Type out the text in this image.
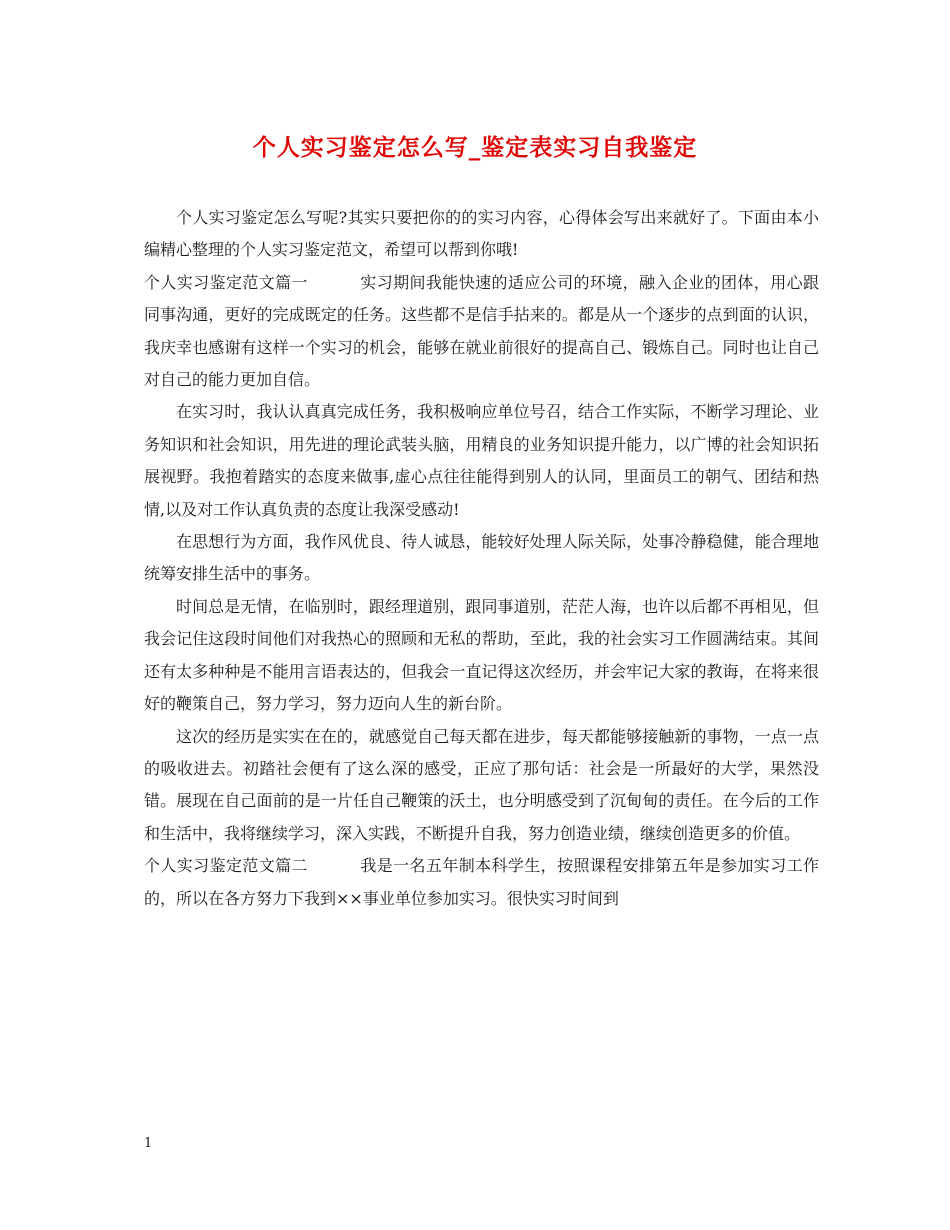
个人实习鉴定怎么写_鉴定表实习自我鉴定

个人实习鉴定怎么写呢?其实只要把你的的实习内容，心得体会写出来就好了。下面由本小编精心整理的个人实习鉴定范文，希望可以帮到你哦!

个人实习鉴定范文篇一	实习期间我能快速的适应公司的环境，融入企业的团体，用心跟同事沟通，更好的完成既定的任务。这些都不是信手拈来的。都是从一个逐步的点到面的认识，我庆幸也感谢有这样一个实习的机会，能够在就业前很好的提高自己、锻炼自己。同时也让自己对自己的能力更加自信。

在实习时，我认认真真完成任务，我积极响应单位号召，结合工作实际，不断学习理论、业务知识和社会知识，用先进的理论武装头脑，用精良的业务知识提升能力，以广博的社会知识拓展视野。我抱着踏实的态度来做事,虚心点往往能得到别人的认同，里面员工的朝气、团结和热情,以及对工作认真负责的态度让我深受感动!

在思想行为方面，我作风优良、待人诚恳，能较好处理人际关际，处事冷静稳健，能合理地统筹安排生活中的事务。

时间总是无情，在临别时，跟经理道别，跟同事道别，茫茫人海，也许以后都不再相见，但我会记住这段时间他们对我热心的照顾和无私的帮助，至此，我的社会实习工作圆满结束。其间还有太多种种是不能用言语表达的，但我会一直记得这次经历，并会牢记大家的教诲，在将来很好的鞭策自己，努力学习，努力迈向人生的新台阶。

这次的经历是实实在在的，就感觉自己每天都在进步，每天都能够接触新的事物，一点一点的吸收进去。初踏社会便有了这么深的感受，正应了那句话：社会是一所最好的大学，果然没错。展现在自己面前的是一片任自己鞭策的沃土，也分明感受到了沉甸甸的责任。在今后的工作和生活中，我将继续学习，深入实践，不断提升自我，努力创造业绩，继续创造更多的价值。

个人实习鉴定范文篇二	我是一名五年制本科学生，按照课程安排第五年是参加实习工作的，所以在各方努力下我到××事业单位参加实习。很快实习时间到

1
